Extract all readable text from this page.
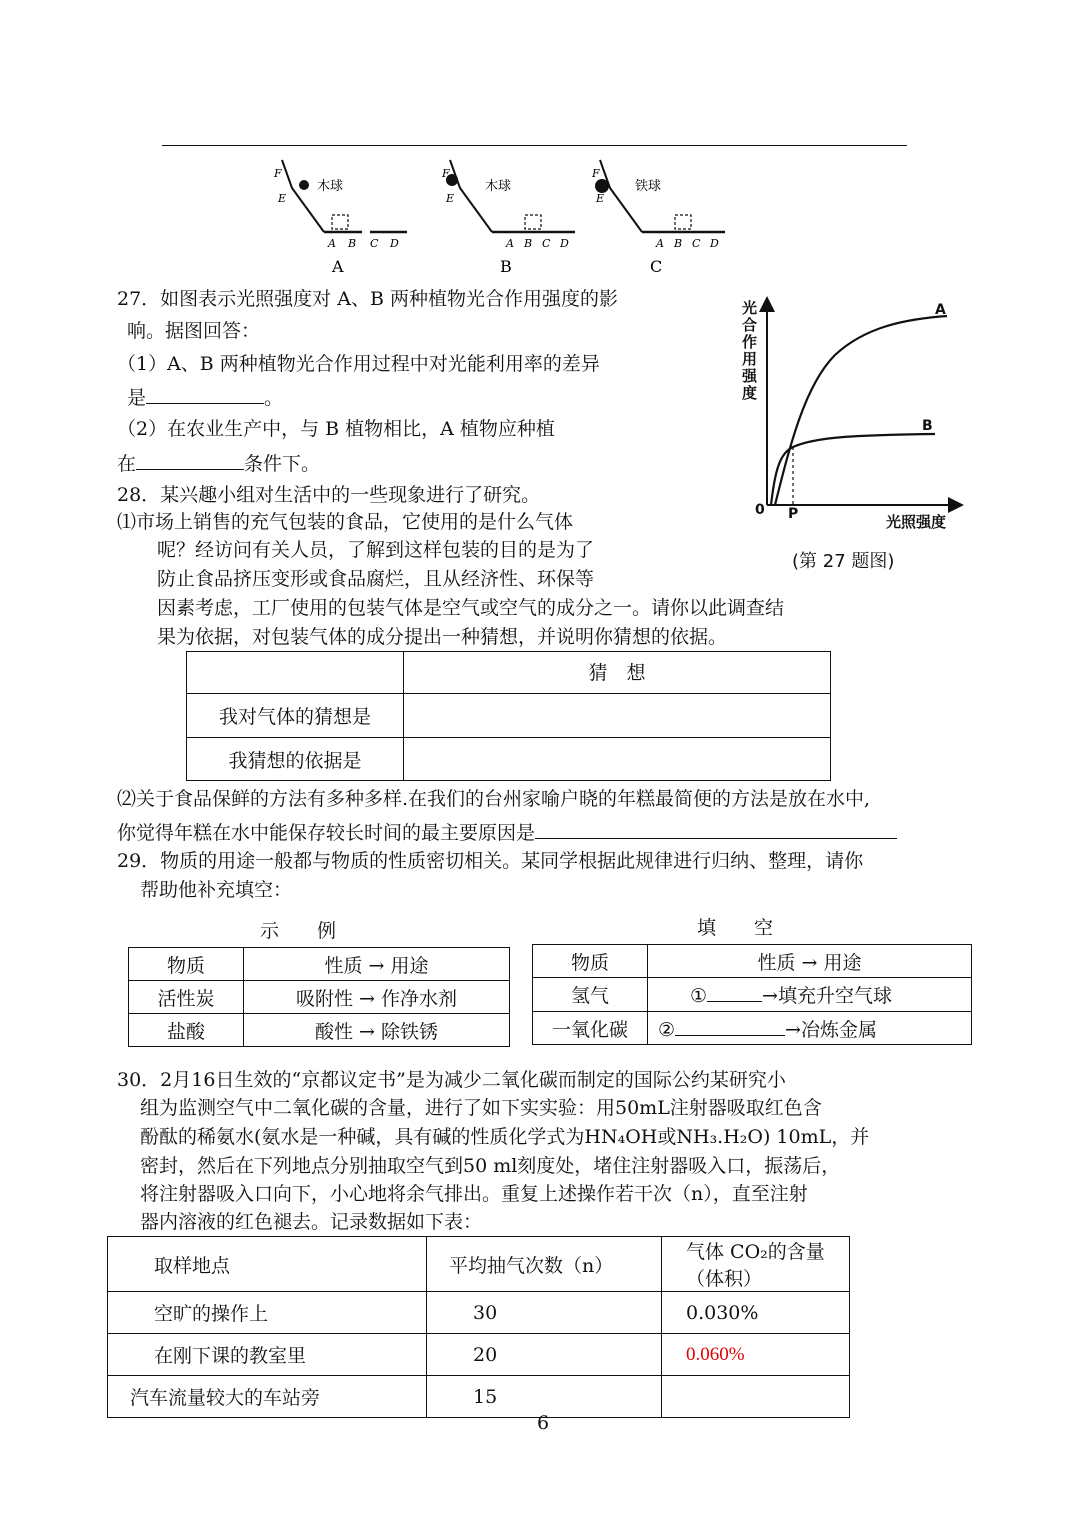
F
E
木球
A B C D
A
F
E
木球
A B C D
B
F
E
铁球
A B C D
C
27．如图表示光照强度对 A、B 两种植物光合作用强度的影
响。据图回答：
（1）A、B 两种植物光合作用过程中对光能利用率的差异
是	。
（2）在农业生产中，与 B 植物相比，A 植物应种植
在	条件下。
光合作用强度
A
B
0 P	光照强度
(第 27 题图)
28．某兴趣小组对生活中的一些现象进行了研究。
⑴市场上销售的充气包装的食品，它使用的是什么气体
呢？经访问有关人员，了解到这样包装的目的是为了
防止食品挤压变形或食品腐烂，且从经济性、环保等
因素考虑，工厂使用的包装气体是空气或空气的成分之一。请你以此调查结
果为依据，对包装气体的成分提出一种猜想，并说明你猜想的依据。
	猜　想
我对气体的猜想是	
我猜想的依据是	
⑵关于食品保鲜的方法有多种多样.在我们的台州家喻户晓的年糕最简便的方法是放在水中,
你觉得年糕在水中能保存较长时间的最主要原因是
29．物质的用途一般都与物质的性质密切相关。某同学根据此规律进行归纳、整理，请你
帮助他补充填空：
示　　例	填　　空
物质	性质 → 用途
活性炭	吸附性 → 作净水剂
盐酸	酸性 → 除铁锈
物质	性质 → 用途
氢气	① →填充升空气球
一氧化碳	② →冶炼金属
30．2月16日生效的“京都议定书”是为减少二氧化碳而制定的国际公约某研究小
组为监测空气中二氧化碳的含量，进行了如下实实验：用50mL注射器吸取红色含
酚酞的稀氨水(氨水是一种碱，具有碱的性质化学式为HN₄OH或NH₃.H₂O) 10mL，并
密封，然后在下列地点分别抽取空气到50 ml刻度处，堵住注射器吸入口，振荡后，
将注射器吸入口向下，小心地将余气排出。重复上述操作若干次（n），直至注射
器内溶液的红色褪去。记录数据如下表：
取样地点	平均抽气次数（n）	气体 CO₂的含量（体积）
空旷的操作上	30	0.030%
在刚下课的教室里	20	0.060%
汽车流量较大的车站旁	15	
6
